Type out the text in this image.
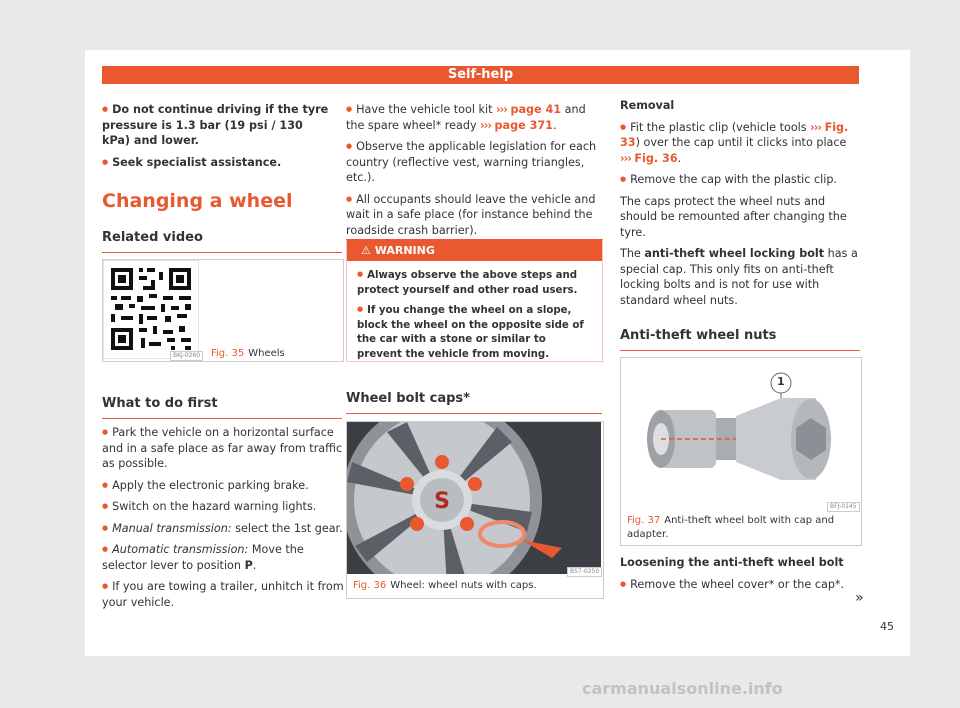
Self-help

● Do not continue driving if the tyre pressure is 1.3 bar (19 psi / 130 kPa) and lower.

● Seek specialist assistance.

Changing a wheel
Related video
BKJ-0260	Fig. 35 Wheels
What to do first

● Park the vehicle on a horizontal surface and in a safe place as far away from traffic as possible.

● Apply the electronic parking brake.

● Switch on the hazard warning lights.

● Manual transmission: select the 1st gear.

● Automatic transmission: Move the selector lever to position P.

● If you are towing a trailer, unhitch it from your vehicle.

● Have the vehicle tool kit ››› page 41 and the spare wheel* ready ››› page 371.

● Observe the applicable legislation for each country (reflective vest, warning triangles, etc.).

● All occupants should leave the vehicle and wait in a safe place (for instance behind the roadside crash barrier).

⚠ WARNING

● Always observe the above steps and protect yourself and other road users.

● If you change the wheel on a slope, block the wheel on the opposite side of the car with a stone or similar to prevent the vehicle from moving.

Wheel bolt caps*
S
B57-0250
Fig. 36 Wheel: wheel nuts with caps.

Removal

● Fit the plastic clip (vehicle tools ››› Fig. 33) over the cap until it clicks into place ››› Fig. 36.

● Remove the cap with the plastic clip.

The caps protect the wheel nuts and should be remounted after changing the tyre.

The anti-theft wheel locking bolt has a special cap. This only fits on anti-theft locking bolts and is not for use with standard wheel nuts.

Anti-theft wheel nuts
1
BFJ-0145
Fig. 37 Anti-theft wheel bolt with cap and adapter.

Loosening the anti-theft wheel bolt

● Remove the wheel cover* or the cap*.

»
45
carmanualsonline.info
